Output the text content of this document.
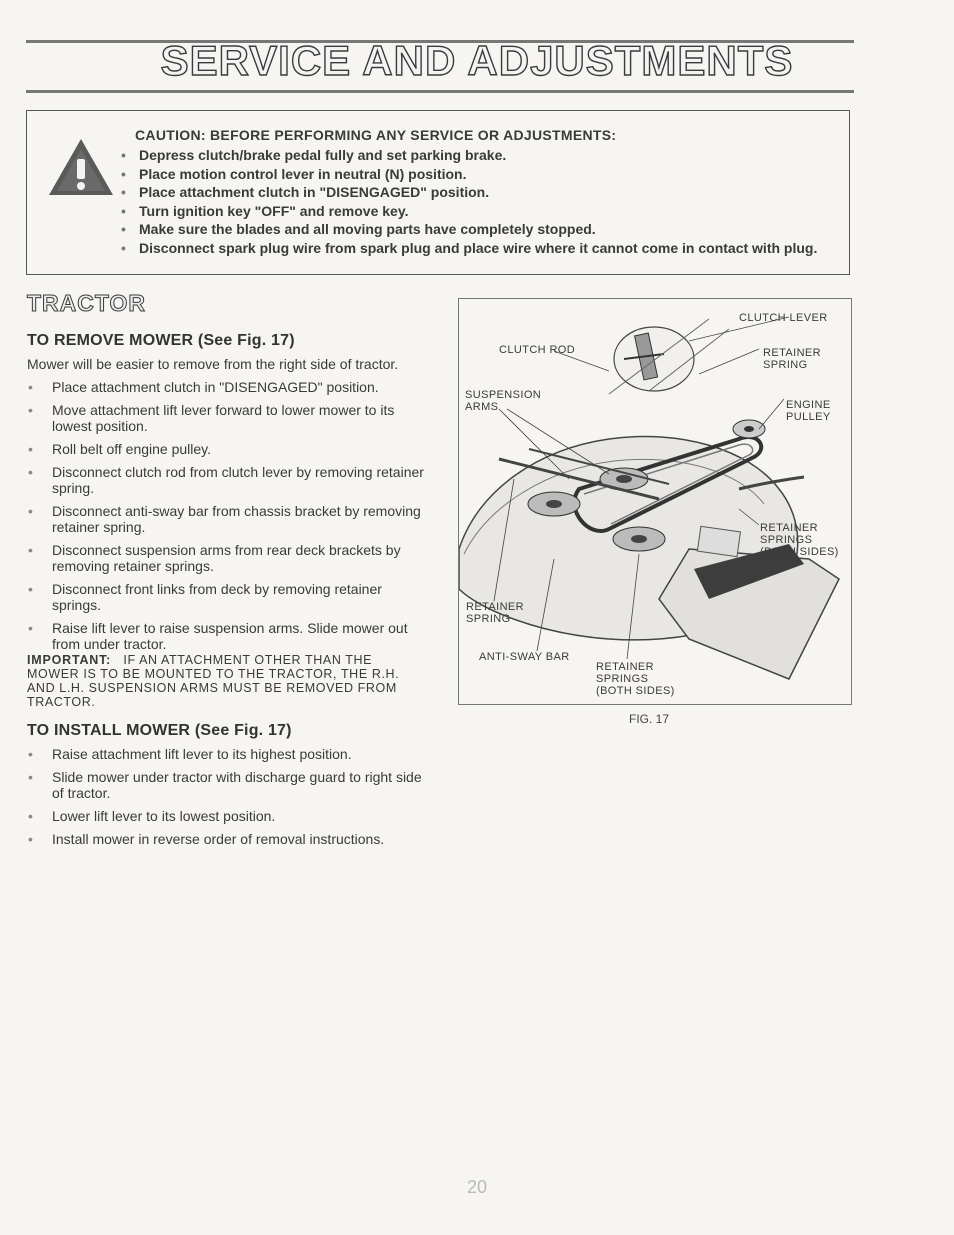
SERVICE AND ADJUSTMENTS
CAUTION: BEFORE PERFORMING ANY SERVICE OR ADJUSTMENTS:
• Depress clutch/brake pedal fully and set parking brake.
• Place motion control lever in neutral (N) position.
• Place attachment clutch in "DISENGAGED" position.
• Turn ignition key "OFF" and remove key.
• Make sure the blades and all moving parts have completely stopped.
• Disconnect spark plug wire from spark plug and place wire where it cannot come in contact with plug.
TRACTOR
TO REMOVE MOWER (See Fig. 17)

Mower will be easier to remove from the right side of tractor.

• Place attachment clutch in "DISENGAGED" position.
• Move attachment lift lever forward to lower mower to its lowest position.
• Roll belt off engine pulley.
• Disconnect clutch rod from clutch lever by removing retainer spring.
• Disconnect anti-sway bar from chassis bracket by removing retainer spring.
• Disconnect suspension arms from rear deck brackets by removing retainer springs.
• Disconnect front links from deck by removing retainer springs.
• Raise lift lever to raise suspension arms. Slide mower out from under tractor.

IMPORTANT: IF AN ATTACHMENT OTHER THAN THE MOWER IS TO BE MOUNTED TO THE TRACTOR, THE R.H. AND L.H. SUSPENSION ARMS MUST BE REMOVED FROM TRACTOR.

TO INSTALL MOWER (See Fig. 17)
• Raise attachment lift lever to its highest position.
• Slide mower under tractor with discharge guard to right side of tractor.
• Lower lift lever to its lowest position.
• Install mower in reverse order of removal instructions.
CLUTCH LEVER
CLUTCH ROD	RETAINER
SPRING
SUSPENSION
ARMS	ENGINE
PULLEY
RETAINER
SPRINGS
(BOTH SIDES)
RETAINER
SPRING
ANTI-SWAY BAR
RETAINER
SPRINGS
(BOTH SIDES)

FIG. 17

20
